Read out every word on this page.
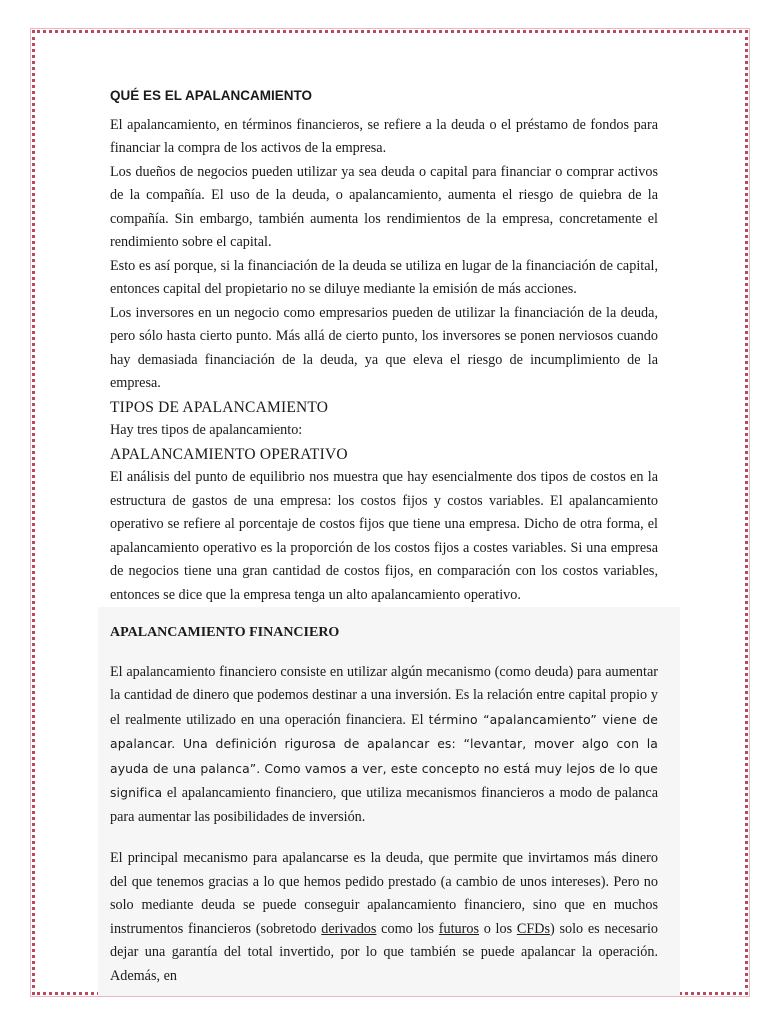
QUÉ ES EL APALANCAMIENTO

El apalancamiento, en términos financieros, se refiere a la deuda o el préstamo de fondos para financiar la compra de los activos de la empresa.

Los dueños de negocios pueden utilizar ya sea deuda o capital para financiar o comprar activos de la compañía. El uso de la deuda, o apalancamiento, aumenta el riesgo de quiebra de la compañía. Sin embargo, también aumenta los rendimientos de la empresa, concretamente el rendimiento sobre el capital.

Esto es así porque, si la financiación de la deuda se utiliza en lugar de la financiación de capital, entonces capital del propietario no se diluye mediante la emisión de más acciones.

Los inversores en un negocio como empresarios pueden de utilizar la financiación de la deuda, pero sólo hasta cierto punto. Más allá de cierto punto, los inversores se ponen nerviosos cuando hay demasiada financiación de la deuda, ya que eleva el riesgo de incumplimiento de la empresa.

TIPOS DE APALANCAMIENTO

Hay tres tipos de apalancamiento:

APALANCAMIENTO OPERATIVO

El análisis del punto de equilibrio nos muestra que hay esencialmente dos tipos de costos en la estructura de gastos de una empresa: los costos fijos y costos variables. El apalancamiento operativo se refiere al porcentaje de costos fijos que tiene una empresa. Dicho de otra forma, el apalancamiento operativo es la proporción de los costos fijos a costes variables. Si una empresa de negocios tiene una gran cantidad de costos fijos, en comparación con los costos variables, entonces se dice que la empresa tenga un alto apalancamiento operativo.

APALANCAMIENTO FINANCIERO

El apalancamiento financiero consiste en utilizar algún mecanismo (como deuda) para aumentar la cantidad de dinero que podemos destinar a una inversión. Es la relación entre capital propio y el realmente utilizado en una operación financiera. El término “apalancamiento” viene de apalancar. Una definición rigurosa de apalancar es: “levantar, mover algo con la ayuda de una palanca”. Como vamos a ver, este concepto no está muy lejos de lo que significa el apalancamiento financiero, que utiliza mecanismos financieros a modo de palanca para aumentar las posibilidades de inversión.

El principal mecanismo para apalancarse es la deuda, que permite que invirtamos más dinero del que tenemos gracias a lo que hemos pedido prestado (a cambio de unos intereses). Pero no solo mediante deuda se puede conseguir apalancamiento financiero, sino que en muchos instrumentos financieros (sobretodo derivados como los futuros o los CFDs) solo es necesario dejar una garantía del total invertido, por lo que también se puede apalancar la operación. Además, en
